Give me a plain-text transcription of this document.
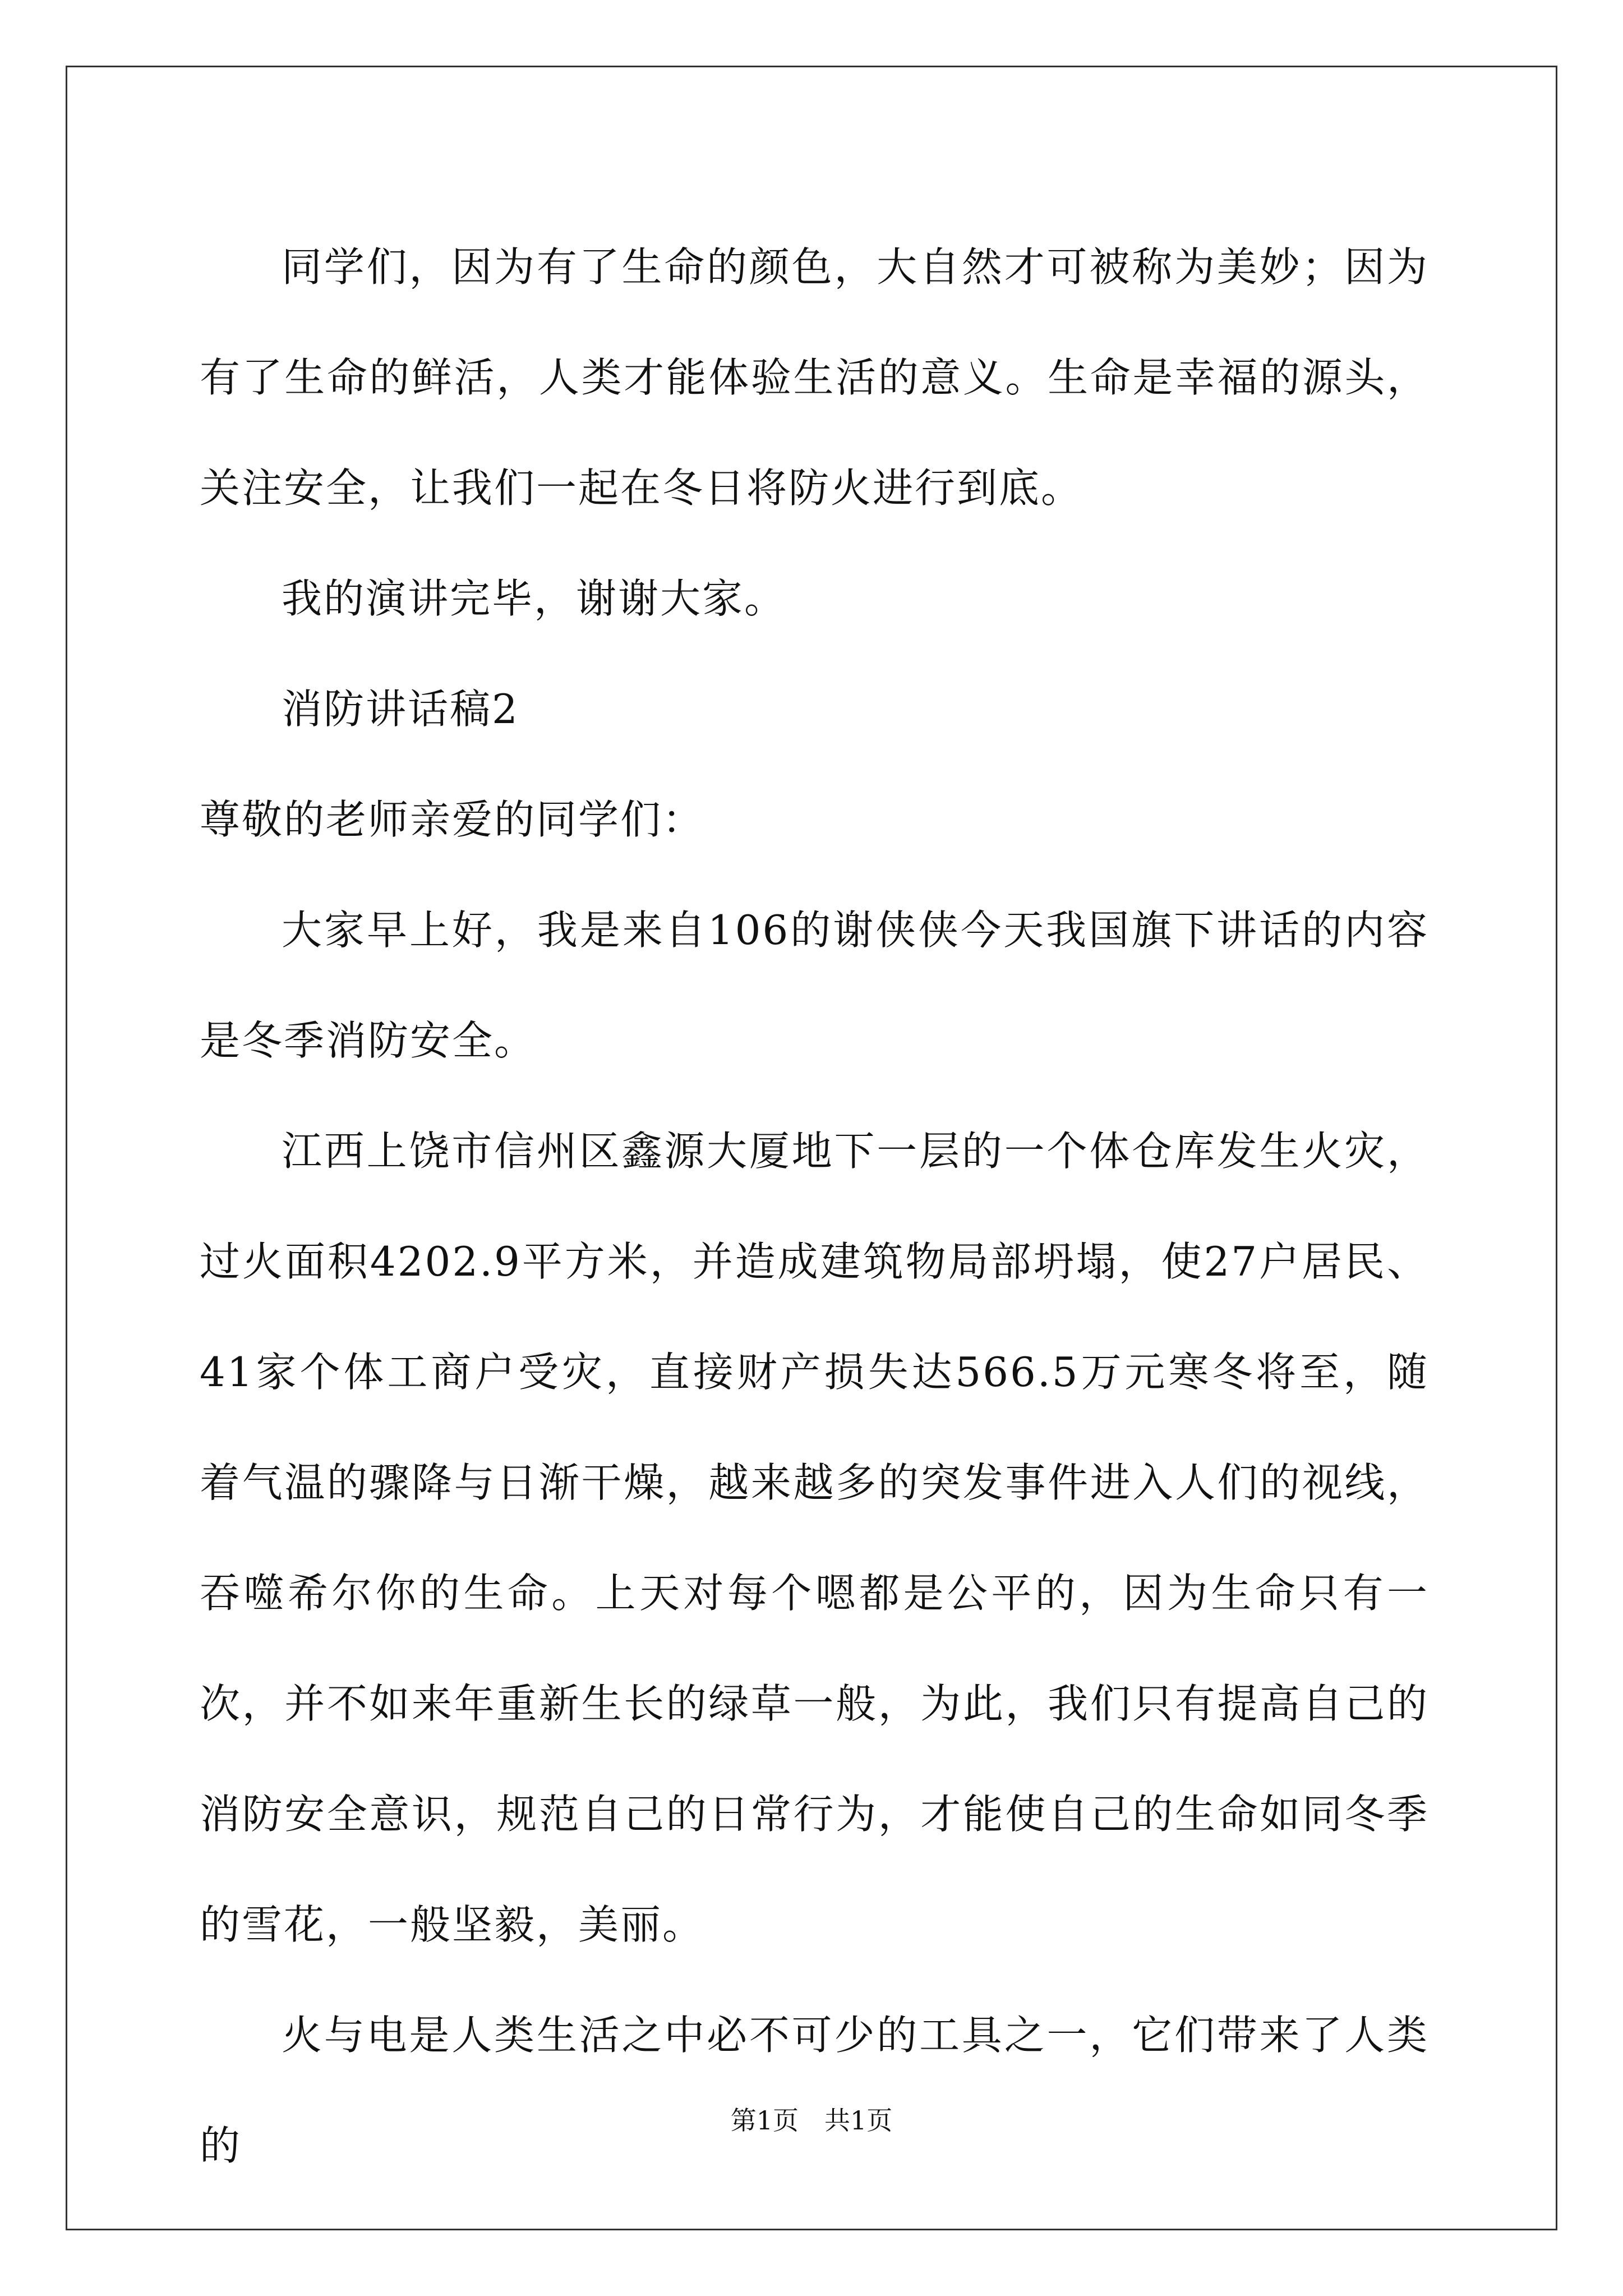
同学们，因为有了生命的颜色，大自然才可被称为美妙；因为有了生命的鲜活，人类才能体验生活的意义。生命是幸福的源头，关注安全，让我们一起在冬日将防火进行到底。

我的演讲完毕，谢谢大家。

消防讲话稿2

尊敬的老师亲爱的同学们：

大家早上好，我是来自106的谢侠侠今天我国旗下讲话的内容是冬季消防安全。

江西上饶市信州区鑫源大厦地下一层的一个体仓库发生火灾，过火面积4202.9平方米，并造成建筑物局部坍塌，使27户居民、41家个体工商户受灾，直接财产损失达566.5万元寒冬将至，随着气温的骤降与日渐干燥，越来越多的突发事件进入人们的视线，吞噬希尔你的生命。上天对每个嗯都是公平的，因为生命只有一次，并不如来年重新生长的绿草一般，为此，我们只有提高自己的消防安全意识，规范自己的日常行为，才能使自己的生命如同冬季的雪花，一般坚毅，美丽。

火与电是人类生活之中必不可少的工具之一，它们带来了人类的

第1页　共1页
